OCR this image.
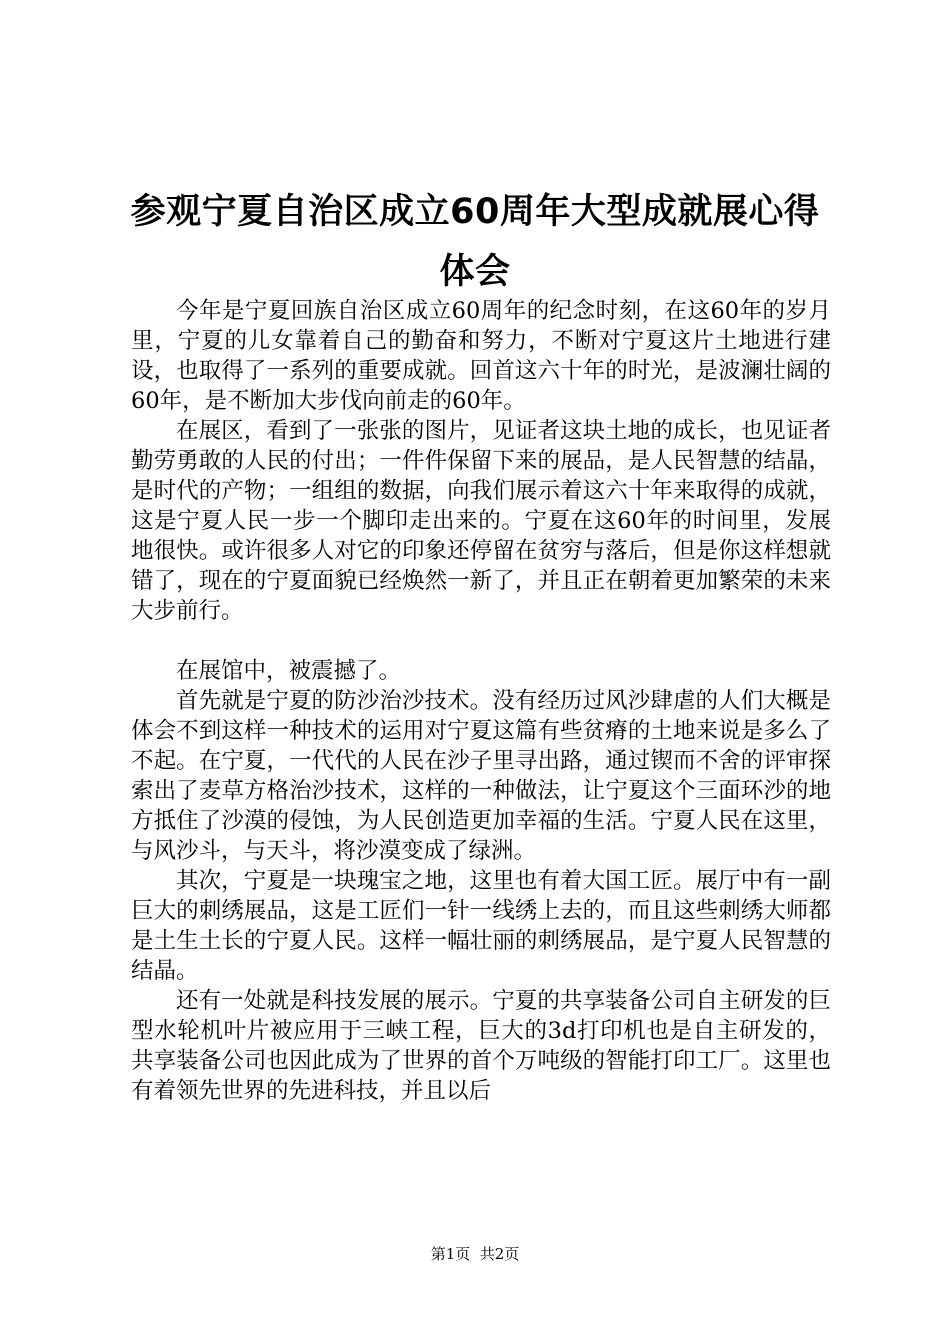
参观宁夏自治区成立60周年大型成就展心得体会

今年是宁夏回族自治区成立60周年的纪念时刻，在这60年的岁月里，宁夏的儿女靠着自己的勤奋和努力，不断对宁夏这片土地进行建设，也取得了一系列的重要成就。回首这六十年的时光，是波澜壮阔的60年，是不断加大步伐向前走的60年。

在展区，看到了一张张的图片，见证者这块土地的成长，也见证者勤劳勇敢的人民的付出；一件件保留下来的展品，是人民智慧的结晶，是时代的产物；一组组的数据，向我们展示着这六十年来取得的成就，这是宁夏人民一步一个脚印走出来的。宁夏在这60年的时间里，发展地很快。或许很多人对它的印象还停留在贫穷与落后，但是你这样想就错了，现在的宁夏面貌已经焕然一新了，并且正在朝着更加繁荣的未来大步前行。

在展馆中，被震撼了。

首先就是宁夏的防沙治沙技术。没有经历过风沙肆虐的人们大概是体会不到这样一种技术的运用对宁夏这篇有些贫瘠的土地来说是多么了不起。在宁夏，一代代的人民在沙子里寻出路，通过锲而不舍的评审探索出了麦草方格治沙技术，这样的一种做法，让宁夏这个三面环沙的地方抵住了沙漠的侵蚀，为人民创造更加幸福的生活。宁夏人民在这里，与风沙斗，与天斗，将沙漠变成了绿洲。

其次，宁夏是一块瑰宝之地，这里也有着大国工匠。展厅中有一副巨大的刺绣展品，这是工匠们一针一线绣上去的，而且这些刺绣大师都是土生土长的宁夏人民。这样一幅壮丽的刺绣展品，是宁夏人民智慧的结晶。

还有一处就是科技发展的展示。宁夏的共享装备公司自主研发的巨型水轮机叶片被应用于三峡工程，巨大的3d打印机也是自主研发的，共享装备公司也因此成为了世界的首个万吨级的智能打印工厂。这里也有着领先世界的先进科技，并且以后

第1页  共2页
